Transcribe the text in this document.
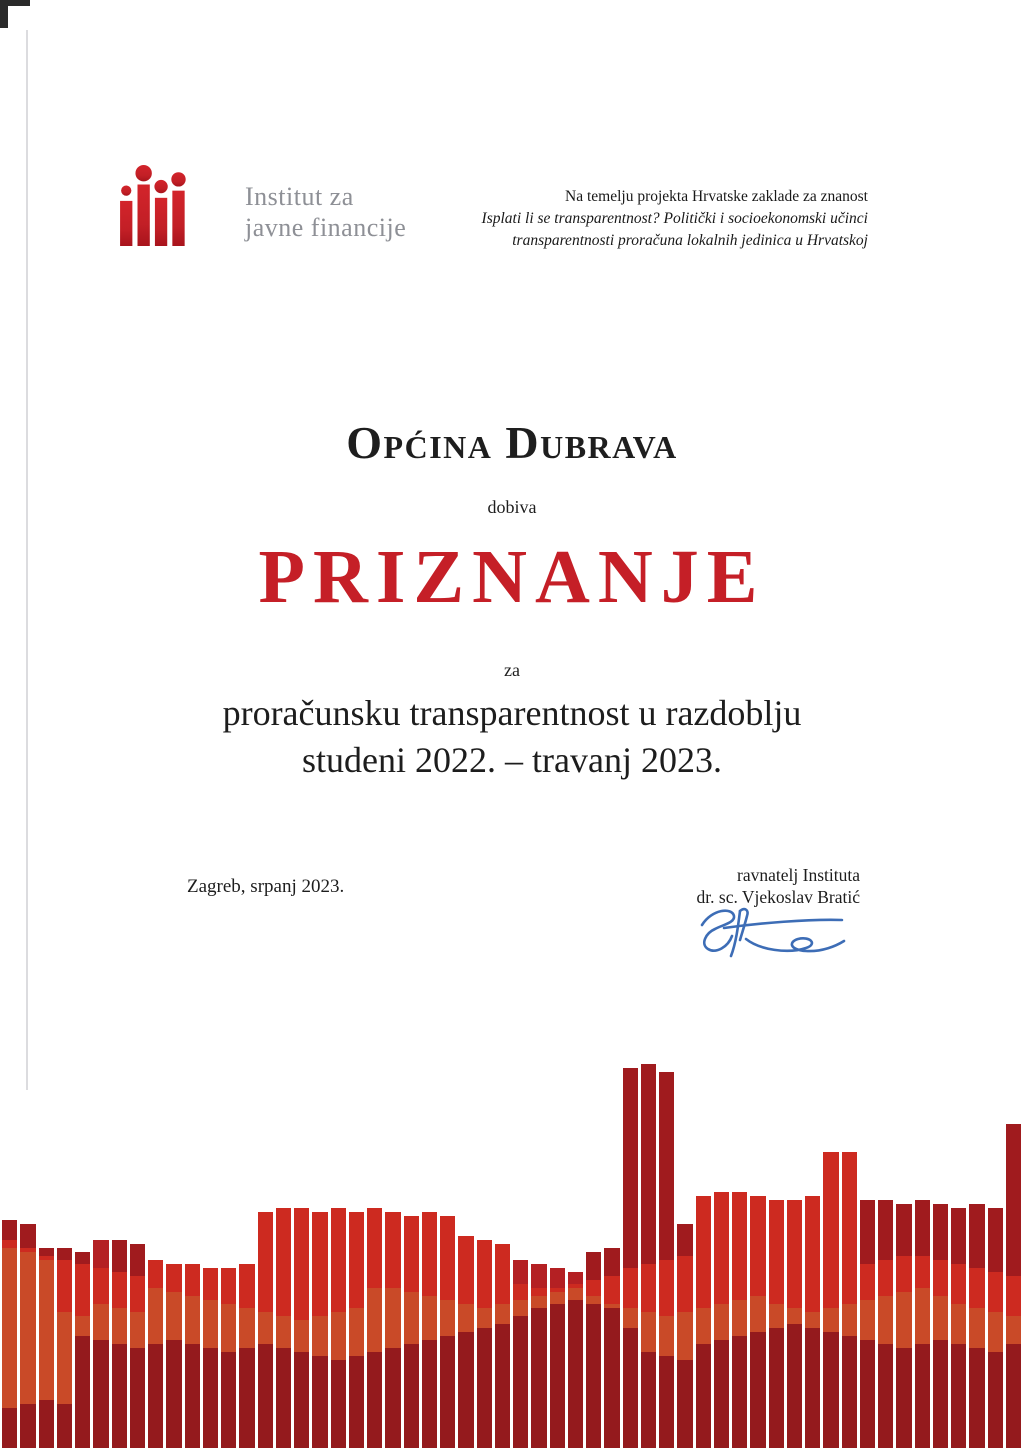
Institut za
javne financije
Na temelju projekta Hrvatske zaklade za znanost
Isplati li se transparentnost? Politički i socioekonomski učinci
transparentnosti proračuna lokalnih jedinica u Hrvatskoj
Općina Dubrava
dobiva
PRIZNANJE
za
proračunsku transparentnost u razdoblju
studeni 2022. – travanj 2023.
Zagreb, srpanj 2023.
ravnatelj Instituta
dr. sc. Vjekoslav Bratić
